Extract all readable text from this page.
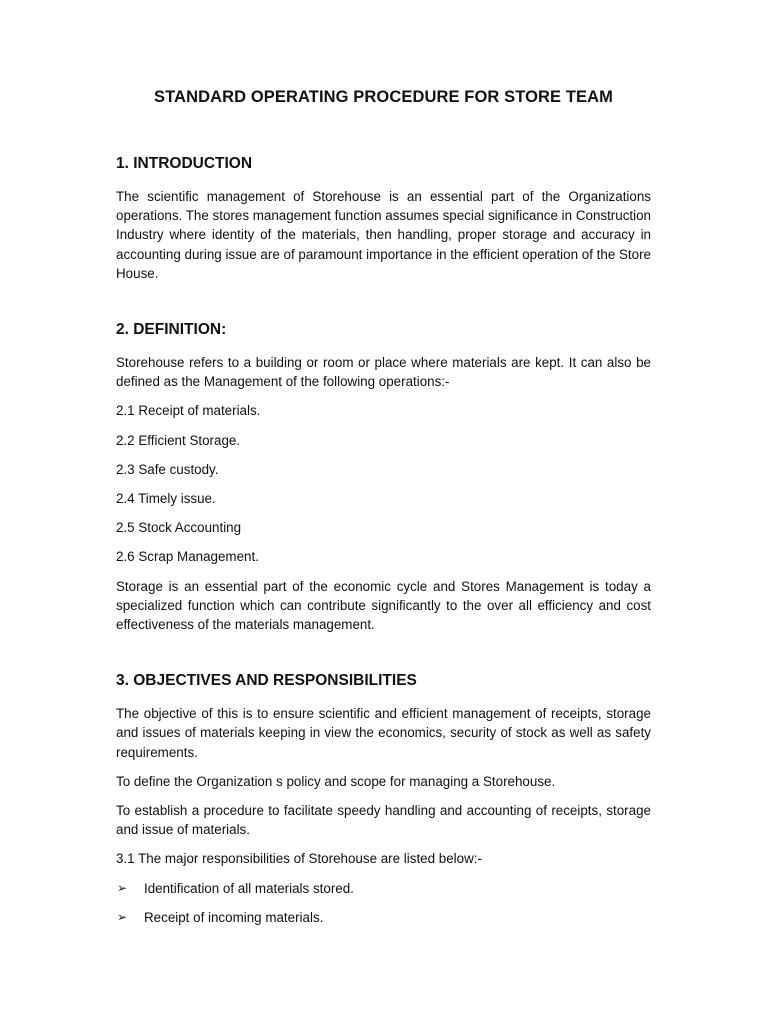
STANDARD OPERATING PROCEDURE FOR STORE TEAM
1. INTRODUCTION

The scientific management of Storehouse is an essential part of the Organizations operations. The stores management function assumes special significance in Construction Industry where identity of the materials, then handling, proper storage and accuracy in accounting during issue are of paramount importance in the efficient operation of the Store House.

2. DEFINITION:

Storehouse refers to a building or room or place where materials are kept. It can also be defined as the Management of the following operations:-

2.1 Receipt of materials.
2.2 Efficient Storage.
2.3 Safe custody.
2.4 Timely issue.
2.5 Stock Accounting
2.6 Scrap Management.

Storage is an essential part of the economic cycle and Stores Management is today a specialized function which can contribute significantly to the over all efficiency and cost effectiveness of the materials management.

3. OBJECTIVES AND RESPONSIBILITIES

The objective of this is to ensure scientific and efficient management of receipts, storage and issues of materials keeping in view the economics, security of stock as well as safety requirements.

To define the Organization s policy and scope for managing a Storehouse.

To establish a procedure to facilitate speedy handling and accounting of receipts, storage and issue of materials.

3.1 The major responsibilities of Storehouse are listed below:-
➢	Identification of all materials stored.
➢	Receipt of incoming materials.
